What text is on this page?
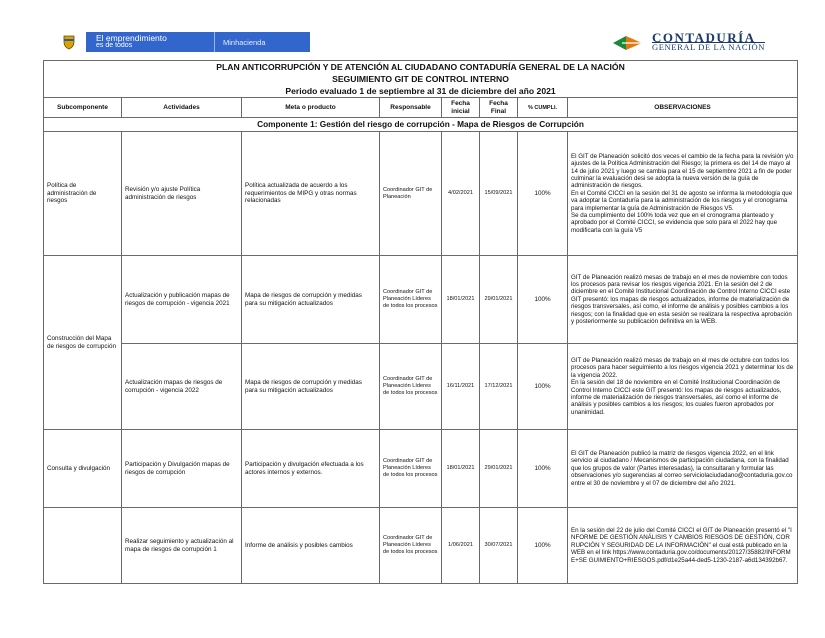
El emprendimiento
es de todos	Minhacienda	CONTADURÍA
GENERAL DE LA NACIÓN
PLAN ANTICORRUPCIÓN Y DE ATENCIÓN AL CIUDADANO CONTADURÍA GENERAL DE LA NACIÓN							
SEGUIMIENTO GIT DE CONTROL INTERNO							
Periodo evaluado 1 de septiembre al 31 de diciembre del año 2021							
Subcomponente	Actividades	Meta o producto	Responsable	Fecha inicial	Fecha Final	% CUMPLI.	OBSERVACIONES
Componente 1: Gestión del riesgo de corrupción - Mapa de Riesgos de Corrupción							
Política de administración de riesgos	Revisión y/o ajuste Política administración de riesgos	Política actualizada de acuerdo a los requerimientos de MIPG y otras normas relacionadas	Coordinador GIT de Planeación	4/02/2021	15/09/2021	100%	El GIT de Planeación solicitó dos veces el cambio de la fecha para la revisión y/o ajustes de la Política Administración del Riesgo; la primera es del 14 de mayo al 14 de julio 2021 y luego se cambia para el 15 de septiembre 2021 a fin de poder culminar la evaluación desi se adopta la nueva versión de la guía de administración de riesgos.
En el Comité CICCI en la sesión del 31 de agosto se informa la metodología que va adoptar la Contaduría para la administración de los riesgos y el cronograma para implementar la guía de Administración de Riesgos V5.
Se da cumplimiento del 100% toda vez que en el cronograma planteado y aprobado por el Comité CICCI, se evidencia que solo para el 2022 hay que modificarla con la guía V5
Construcción del Mapa de riesgos de corrupción	Actualización y publicación mapas de riesgos de corrupción - vigencia 2021	Mapa de riesgos de corrupción y medidas para su mitigación actualizados	Coordinador GIT de Planeación Líderes de todos los procesos	18/01/2021	29/01/2021	100%	GIT de Planeación realizó mesas de trabajo en el mes de noviembre con todos los procesos para revisar los riesgos vigencia 2021. En la sesión del 2 de diciembre en el Comité Institucional Coordinación de Control Interno CICCI este GIT presentó: los mapas de riesgos actualizados, informe de materialización de riesgos transversales, así como, el informe de análisis y posibles cambios a los riesgos; con la finalidad que en esta sesión se realizara la respectiva aprobación y posteriormente su publicación definitiva en la WEB.
	Actualización mapas de riesgos de corrupción - vigencia 2022	Mapa de riesgos de corrupción y medidas para su mitigación actualizados	Coordinador GIT de Planeación Líderes de todos los procesos	16/11/2021	17/12/2021	100%	GIT de Planeación realizó mesas de trabajo en el mes de octubre con todos los procesos para hacer seguimiento a los riesgos vigencia 2021 y determinar los de la vigencia 2022.
En la sesión del 18 de noviembre en el Comité Institucional Coordinación de Control Interno CICCI este GIT presentó: los mapas de riesgos actualizados, informe de materialización de riesgos transversales, así como el informe de análisis y posibles cambios a los riesgos; los cuales fueron aprobados por unanimidad.
Consulta y divulgación	Participación y Divulgación mapas de riesgos de corrupción	Participación y divulgación efectuada a los actores internos y externos.	Coordinador GIT de Planeación Líderes de todos los procesos	18/01/2021	29/01/2021	100%	El GIT de Planeación publicó la matriz de riesgos vigencia 2022, en el link servicio al ciudadano / Mecanismos de participación ciudadana, con la finalidad que los grupos de valor (Partes interesadas), la consultaran y formular las observaciones y/o sugerencias al correo serviciolaciudadano@contaduria.gov.co entre el 30 de noviembre y el 07 de diciembre del año 2021.
	Realizar seguimiento y actualización al mapa de riesgos de corrupción 1	Informe de análisis y posibles cambios	Coordinador GIT de Planeación Líderes de todos los procesos	1/06/2021	30/07/2021	100%	En la sesión del 22 de julio del Comité CICCI el GIT de Planeación presentó el "INFORME DE GESTIÓN ANÁLISIS Y CAMBIOS RIESGOS DE GESTIÓN, CORRUPCIÓN Y SEGURIDAD DE LA INFORMACIÓN" el cual está publicado en la WEB en el link https://www.contaduria.gov.co/documents/20127/35882/INFORME+SE GUIMIENTO+RIESGOS.pdf/d1e25a44-ded5-1230-2187-a6d134392b67.
